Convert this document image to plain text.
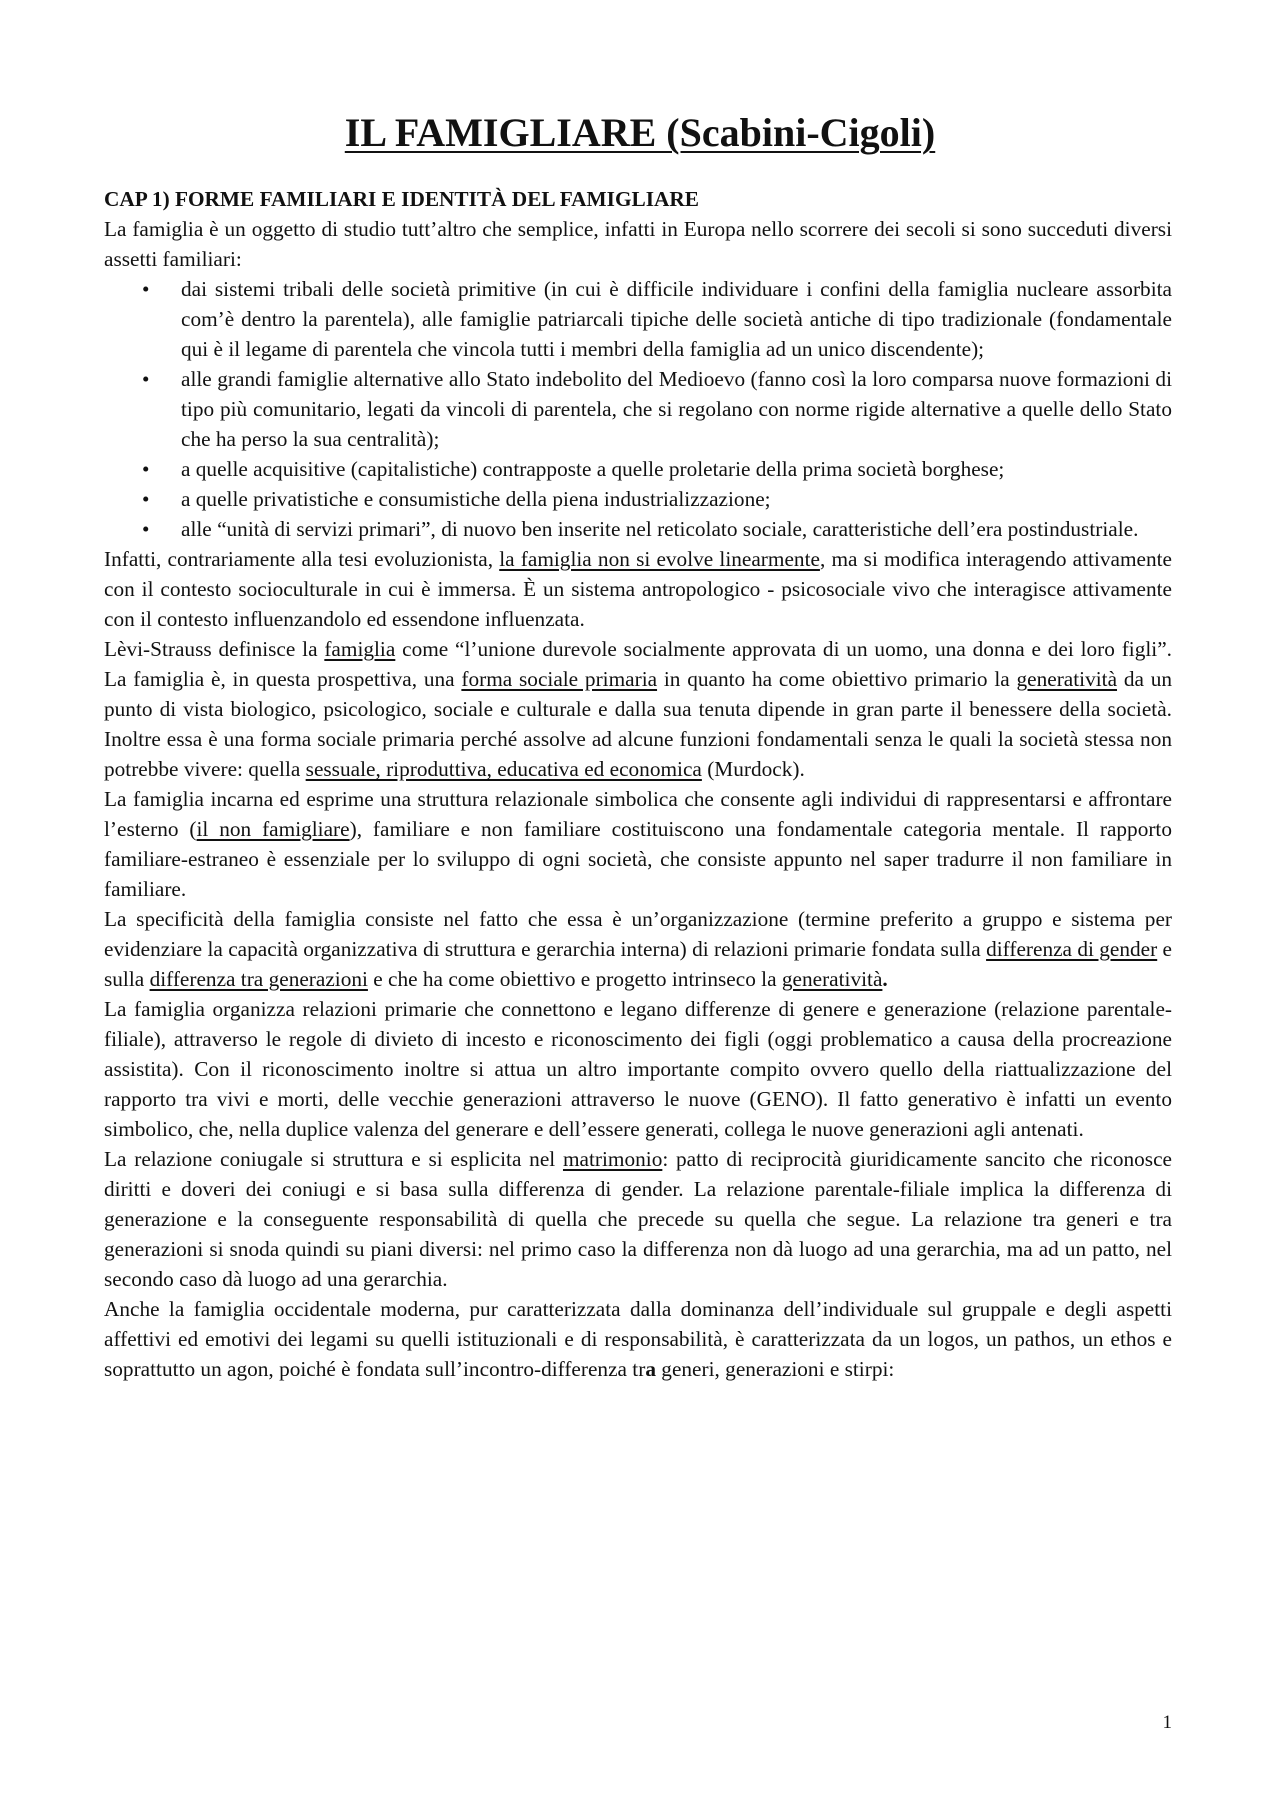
IL FAMIGLIARE (Scabini-Cigoli)

CAP 1) FORME FAMILIARI E IDENTITÀ DEL FAMIGLIARE

La famiglia è un oggetto di studio tutt’altro che semplice, infatti in Europa nello scorrere dei secoli si sono succeduti diversi assetti familiari:

• dai sistemi tribali delle società primitive (in cui è difficile individuare i confini della famiglia nucleare assorbita com’è dentro la parentela), alle famiglie patriarcali tipiche delle società antiche di tipo tradizionale (fondamentale qui è il legame di parentela che vincola tutti i membri della famiglia ad un unico discendente);
• alle grandi famiglie alternative allo Stato indebolito del Medioevo (fanno così la loro comparsa nuove formazioni di tipo più comunitario, legati da vincoli di parentela, che si regolano con norme rigide alternative a quelle dello Stato che ha perso la sua centralità);
• a quelle acquisitive (capitalistiche) contrapposte a quelle proletarie della prima società borghese;
• a quelle privatistiche e consumistiche della piena industrializzazione;
• alle “unità di servizi primari”, di nuovo ben inserite nel reticolato sociale, caratteristiche dell’era postindustriale.

Infatti, contrariamente alla tesi evoluzionista, la famiglia non si evolve linearmente, ma si modifica interagendo attivamente con il contesto socioculturale in cui è immersa. È un sistema antropologico - psicosociale vivo che interagisce attivamente con il contesto influenzandolo ed essendone influenzata.

Lèvi-Strauss definisce la famiglia come “l’unione durevole socialmente approvata di un uomo, una donna e dei loro figli”. La famiglia è, in questa prospettiva, una forma sociale primaria in quanto ha come obiettivo primario la generatività da un punto di vista biologico, psicologico, sociale e culturale e dalla sua tenuta dipende in gran parte il benessere della società. Inoltre essa è una forma sociale primaria perché assolve ad alcune funzioni fondamentali senza le quali la società stessa non potrebbe vivere: quella sessuale, riproduttiva, educativa ed economica (Murdock).

La famiglia incarna ed esprime una struttura relazionale simbolica che consente agli individui di rappresentarsi e affrontare l’esterno (il non famigliare), familiare e non familiare costituiscono una fondamentale categoria mentale. Il rapporto familiare-estraneo è essenziale per lo sviluppo di ogni società, che consiste appunto nel saper tradurre il non familiare in familiare.

La specificità della famiglia consiste nel fatto che essa è un’organizzazione (termine preferito a gruppo e sistema per evidenziare la capacità organizzativa di struttura e gerarchia interna) di relazioni primarie fondata sulla differenza di gender e sulla differenza tra generazioni e che ha come obiettivo e progetto intrinseco la generatività.

La famiglia organizza relazioni primarie che connettono e legano differenze di genere e generazione (relazione parentale-filiale), attraverso le regole di divieto di incesto e riconoscimento dei figli (oggi problematico a causa della procreazione assistita). Con il riconoscimento inoltre si attua un altro importante compito ovvero quello della riattualizzazione del rapporto tra vivi e morti, delle vecchie generazioni attraverso le nuove (GENO). Il fatto generativo è infatti un evento simbolico, che, nella duplice valenza del generare e dell’essere generati, collega le nuove generazioni agli antenati.

La relazione coniugale si struttura e si esplicita nel matrimonio: patto di reciprocità giuridicamente sancito che riconosce diritti e doveri dei coniugi e si basa sulla differenza di gender. La relazione parentale-filiale implica la differenza di generazione e la conseguente responsabilità di quella che precede su quella che segue. La relazione tra generi e tra generazioni si snoda quindi su piani diversi: nel primo caso la differenza non dà luogo ad una gerarchia, ma ad un patto, nel secondo caso dà luogo ad una gerarchia.

Anche la famiglia occidentale moderna, pur caratterizzata dalla dominanza dell’individuale sul gruppale e degli aspetti affettivi ed emotivi dei legami su quelli istituzionali e di responsabilità, è caratterizzata da un logos, un pathos, un ethos e soprattutto un agon, poiché è fondata sull’incontro-differenza tra generi, generazioni e stirpi:

1
